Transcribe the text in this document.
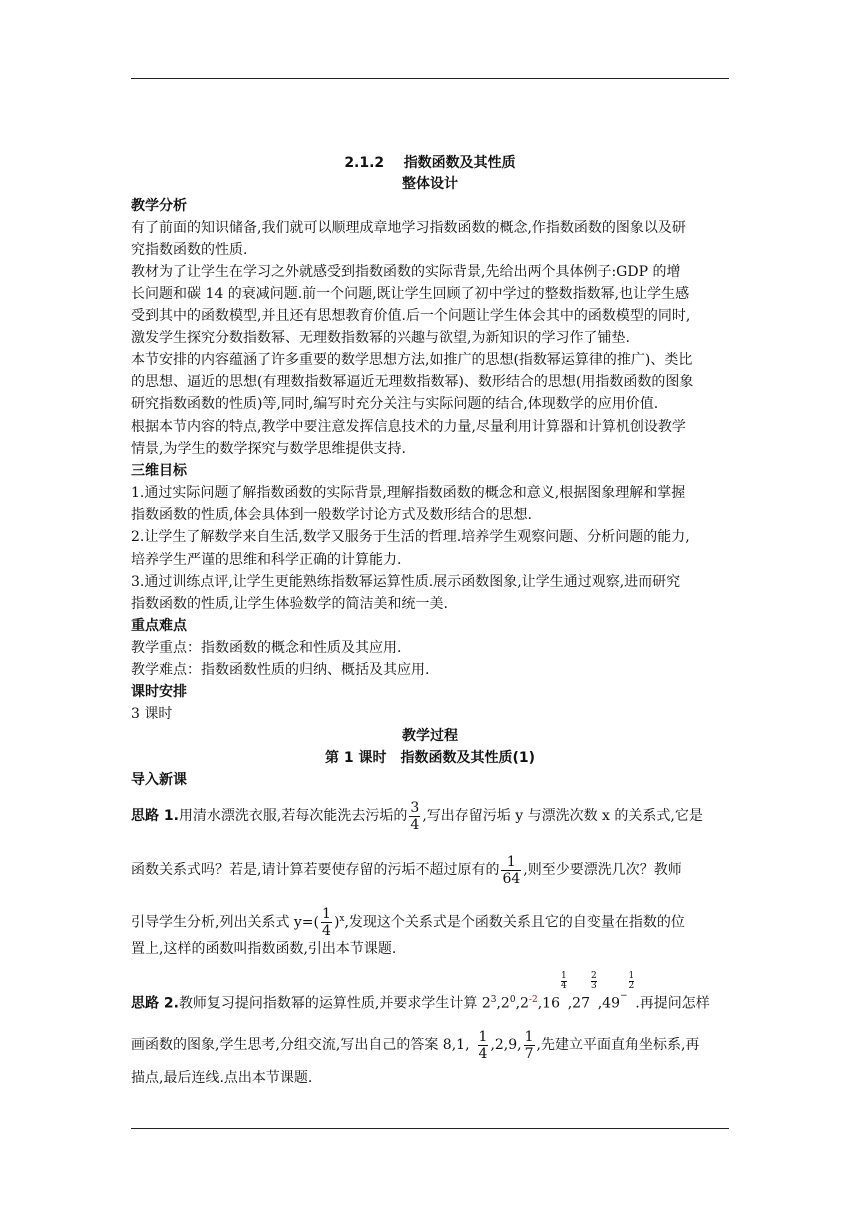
2.1.2 指数函数及其性质
整体设计
教学分析
有了前面的知识储备,我们就可以顺理成章地学习指数函数的概念,作指数函数的图象以及研
究指数函数的性质.
教材为了让学生在学习之外就感受到指数函数的实际背景,先给出两个具体例子:GDP 的增
长问题和碳 14 的衰减问题.前一个问题,既让学生回顾了初中学过的整数指数幂,也让学生感
受到其中的函数模型,并且还有思想教育价值.后一个问题让学生体会其中的函数模型的同时,
激发学生探究分数指数幂、无理数指数幂的兴趣与欲望,为新知识的学习作了铺垫.
本节安排的内容蕴涵了许多重要的数学思想方法,如推广的思想(指数幂运算律的推广)、类比
的思想、逼近的思想(有理数指数幂逼近无理数指数幂)、数形结合的思想(用指数函数的图象
研究指数函数的性质)等,同时,编写时充分关注与实际问题的结合,体现数学的应用价值.
根据本节内容的特点,教学中要注意发挥信息技术的力量,尽量利用计算器和计算机创设教学
情景,为学生的数学探究与数学思维提供支持.
三维目标
1.通过实际问题了解指数函数的实际背景,理解指数函数的概念和意义,根据图象理解和掌握
指数函数的性质,体会具体到一般数学讨论方式及数形结合的思想.
2.让学生了解数学来自生活,数学又服务于生活的哲理.培养学生观察问题、分析问题的能力,
培养学生严谨的思维和科学正确的计算能力.
3.通过训练点评,让学生更能熟练指数幂运算性质.展示函数图象,让学生通过观察,进而研究
指数函数的性质,让学生体验数学的简洁美和统一美.
重点难点
教学重点：指数函数的概念和性质及其应用.
教学难点：指数函数性质的归纳、概括及其应用.
课时安排
3 课时
教学过程
第 1 课时　指数函数及其性质(1)
导入新课
思路 1.用清水漂洗衣服,若每次能洗去污垢的 $\frac{3}{4}$ ,写出存留污垢 y 与漂洗次数 x 的关系式,它是
函数关系式吗？若是,请计算若要使存留的污垢不超过原有的 $\frac{1}{64}$ ,则至少要漂洗几次？教师
引导学生分析,列出关系式 $y=( \frac{1}{4} )^x$,发现这个关系式是个函数关系且它的自变量在指数的位
置上,这样的函数叫指数函数,引出本节课题.
思路 2.教师复习提问指数幂的运算性质,并要求学生计算 $2^3,2^0,2^{-2},16$
$\frac{1}{4}$
,27
$\frac{2}{3}$
,49−
$\frac{1}{2}$
.再提问怎样
画函数的图象,学生思考,分组交流,写出自己的答案 8,1, $\frac{1}{4} ,2,9$, $\frac{1}{7}$ ,先建立平面直角坐标系,再
描点,最后连线.点出本节课题.
